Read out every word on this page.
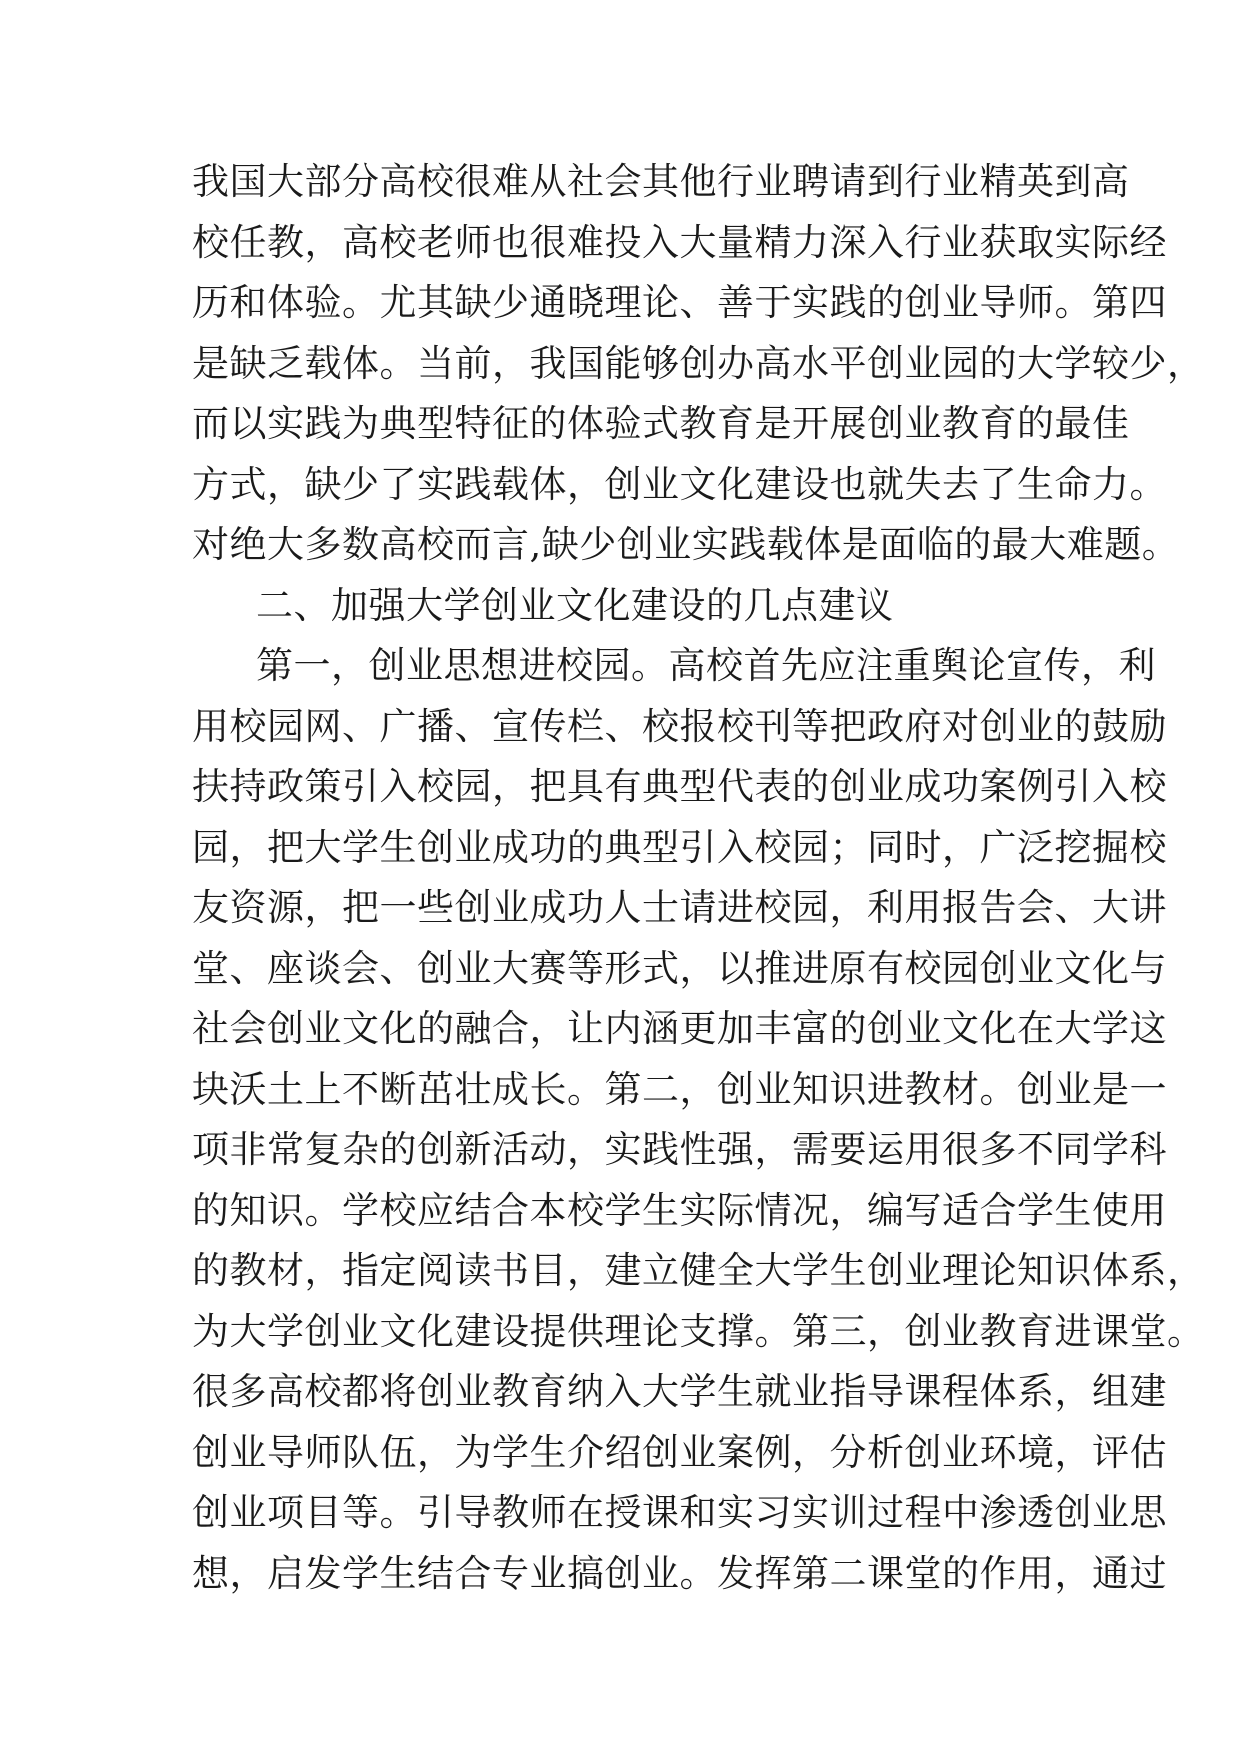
我国大部分高校很难从社会其他行业聘请到行业精英到高
校任教，高校老师也很难投入大量精力深入行业获取实际经
历和体验。尤其缺少通晓理论、善于实践的创业导师。第四
是缺乏载体。当前，我国能够创办高水平创业园的大学较少，
而以实践为典型特征的体验式教育是开展创业教育的最佳
方式，缺少了实践载体，创业文化建设也就失去了生命力。
对绝大多数高校而言,缺少创业实践载体是面临的最大难题。
二、加强大学创业文化建设的几点建议
第一，创业思想进校园。高校首先应注重舆论宣传，利
用校园网、广播、宣传栏、校报校刊等把政府对创业的鼓励
扶持政策引入校园，把具有典型代表的创业成功案例引入校
园，把大学生创业成功的典型引入校园；同时，广泛挖掘校
友资源，把一些创业成功人士请进校园，利用报告会、大讲
堂、座谈会、创业大赛等形式，以推进原有校园创业文化与
社会创业文化的融合，让内涵更加丰富的创业文化在大学这
块沃土上不断茁壮成长。第二，创业知识进教材。创业是一
项非常复杂的创新活动，实践性强，需要运用很多不同学科
的知识。学校应结合本校学生实际情况，编写适合学生使用
的教材，指定阅读书目，建立健全大学生创业理论知识体系，
为大学创业文化建设提供理论支撑。第三，创业教育进课堂。
很多高校都将创业教育纳入大学生就业指导课程体系，组建
创业导师队伍，为学生介绍创业案例，分析创业环境，评估
创业项目等。引导教师在授课和实习实训过程中渗透创业思
想，启发学生结合专业搞创业。发挥第二课堂的作用，通过
